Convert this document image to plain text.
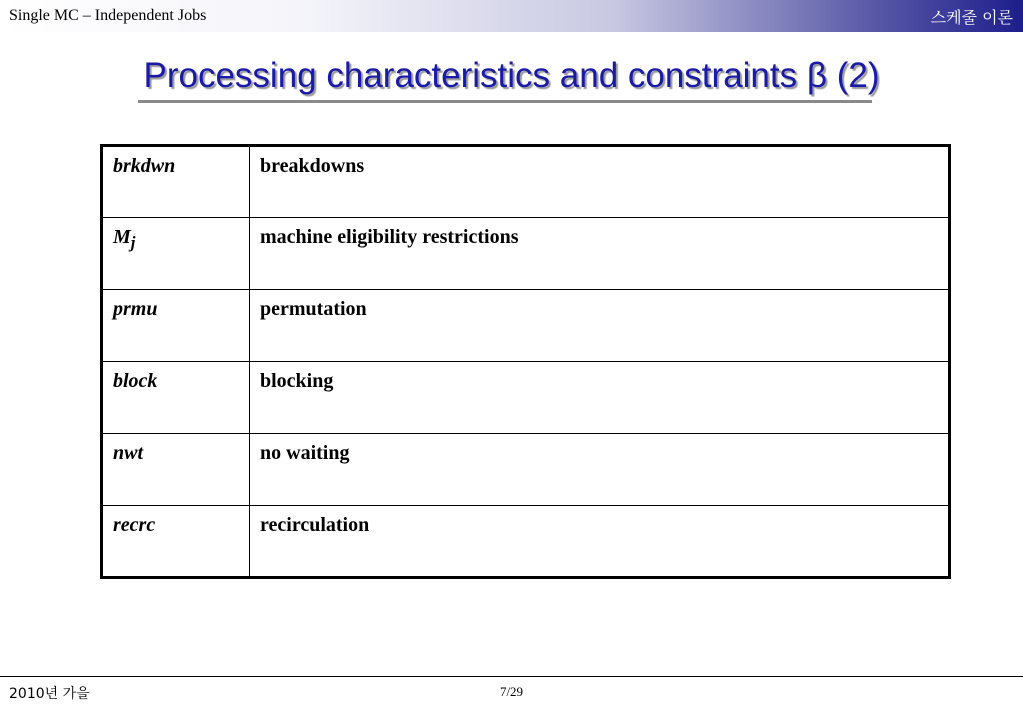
Single MC – Independent Jobs	스케줄 이론
Processing characteristics and constraints β (2)
brkdwn	breakdowns
$M_j$	machine eligibility restrictions
prmu	permutation
block	blocking
nwt	no waiting
recrc	recirculation
2010년 가을	7/29
